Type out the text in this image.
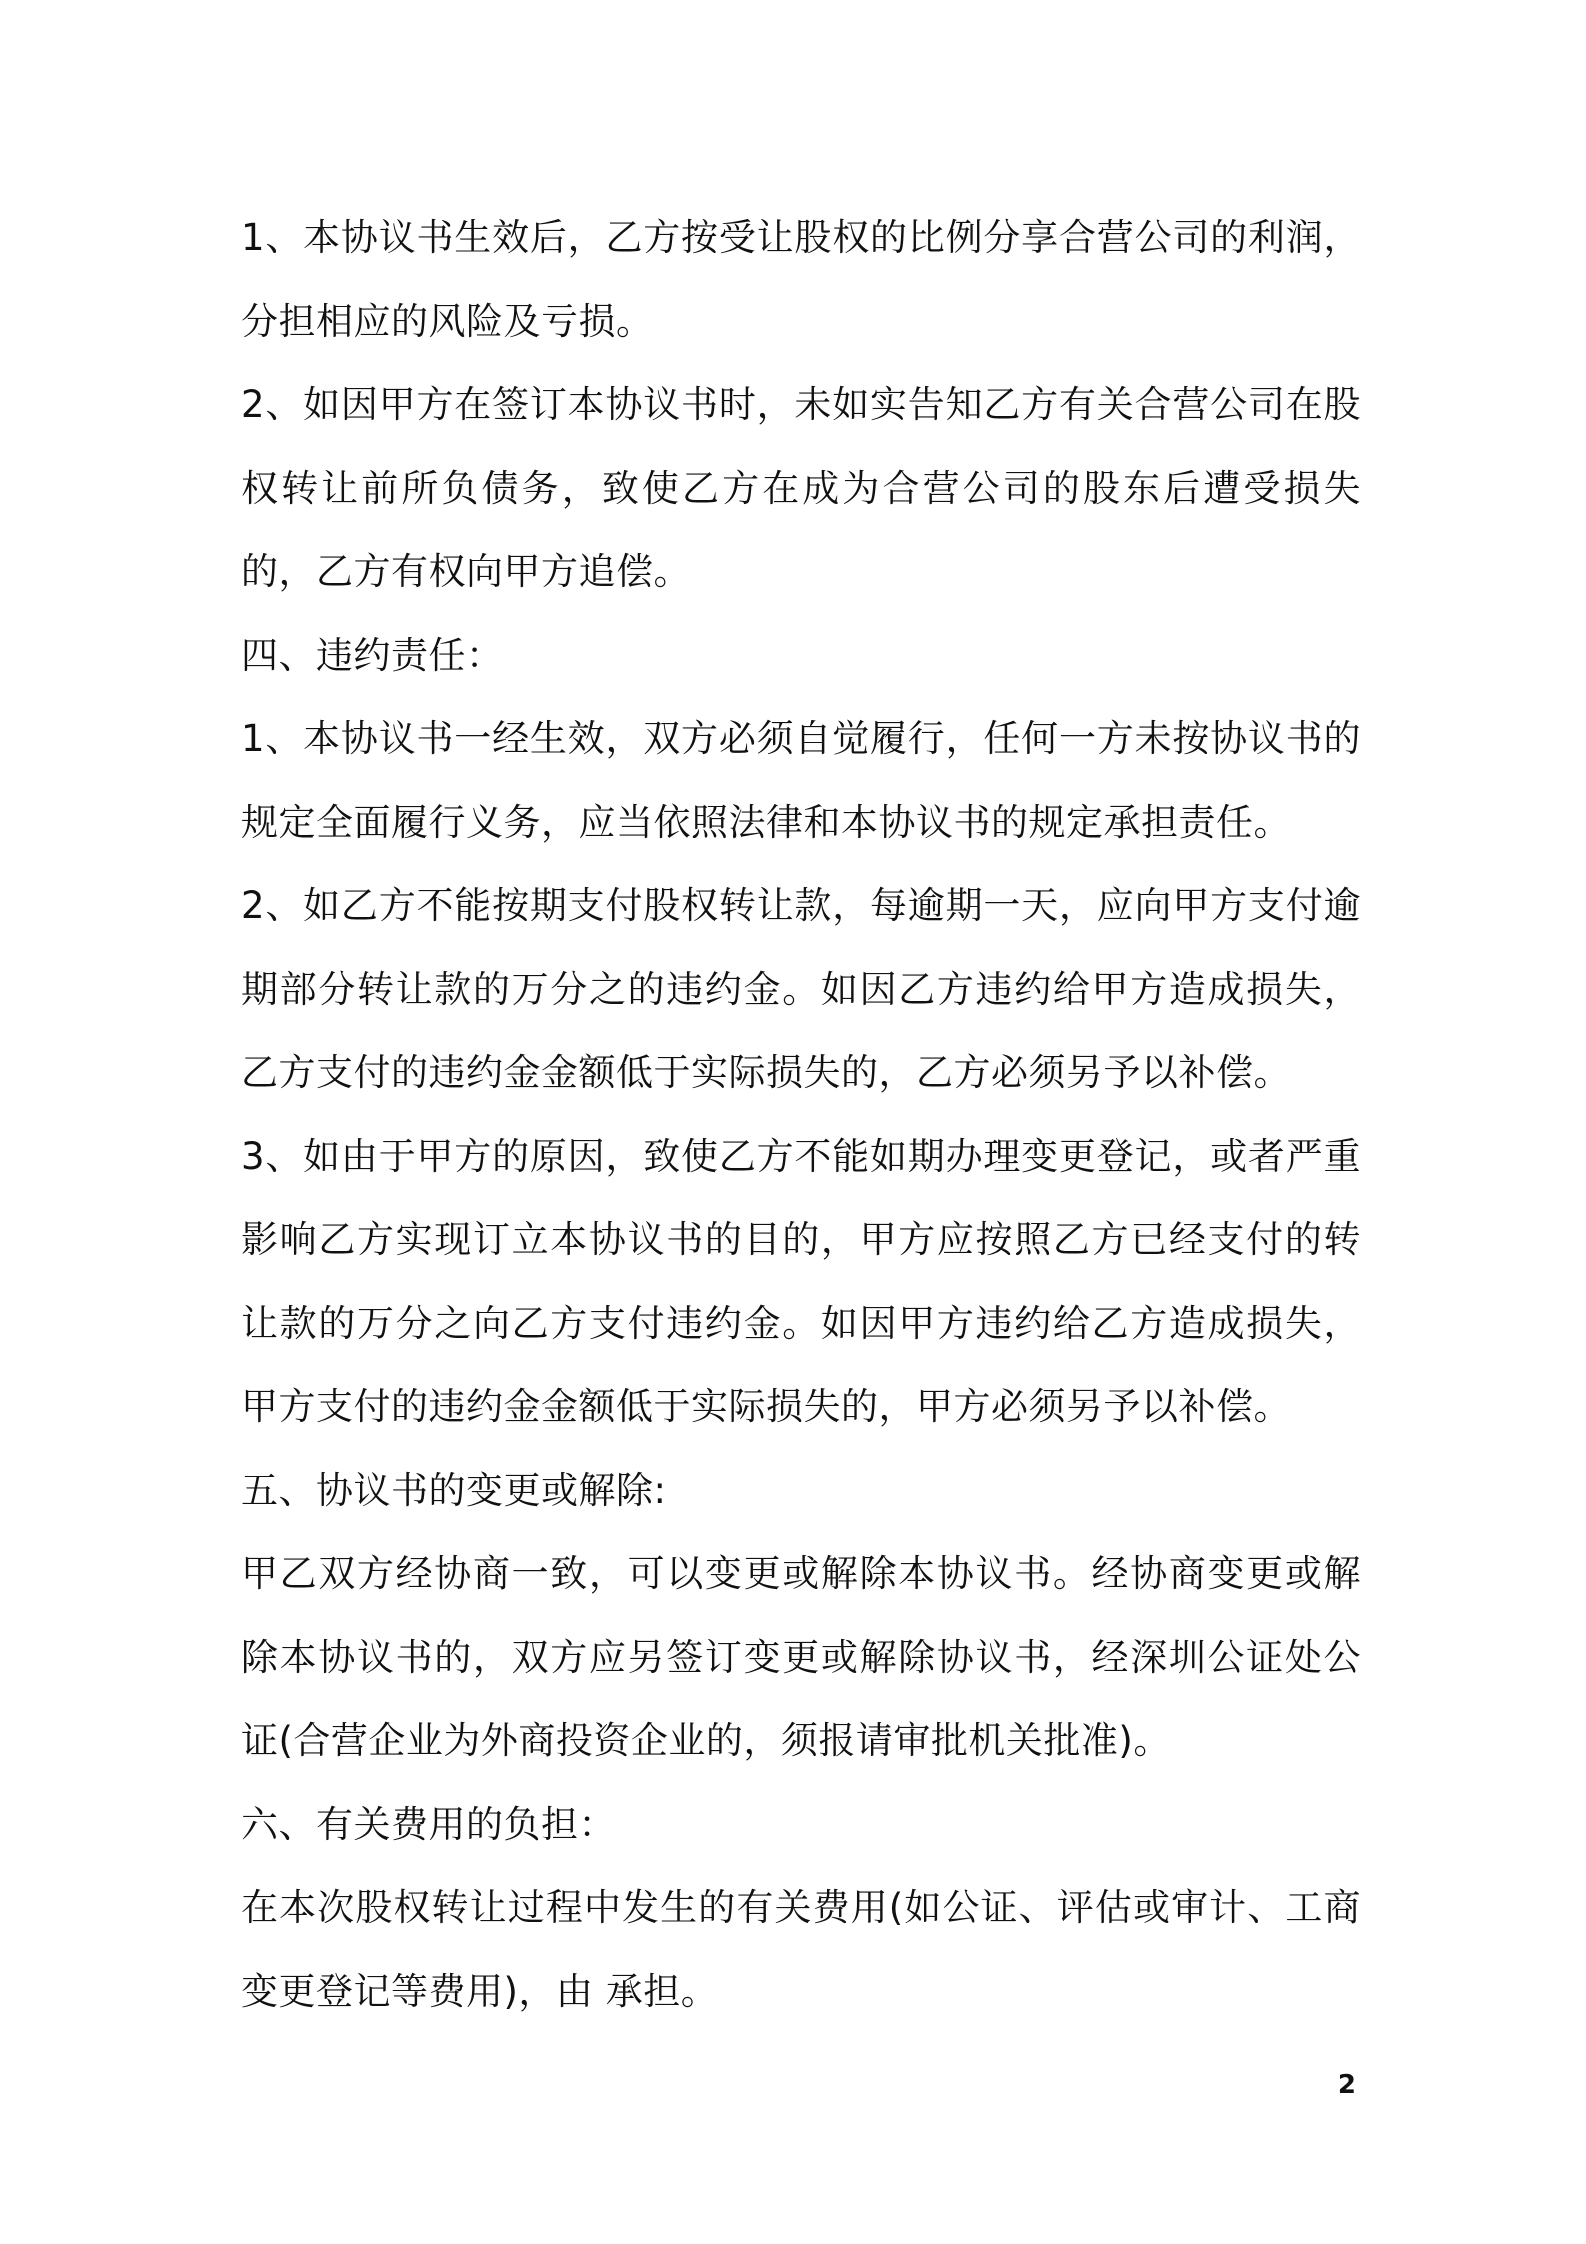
1、本协议书生效后，乙方按受让股权的比例分享合营公司的利润，分担相应的风险及亏损。

2、如因甲方在签订本协议书时，未如实告知乙方有关合营公司在股权转让前所负债务，致使乙方在成为合营公司的股东后遭受损失的，乙方有权向甲方追偿。

四、违约责任：

1、本协议书一经生效，双方必须自觉履行，任何一方未按协议书的规定全面履行义务，应当依照法律和本协议书的规定承担责任。

2、如乙方不能按期支付股权转让款，每逾期一天，应向甲方支付逾期部分转让款的万分之的违约金。如因乙方违约给甲方造成损失，乙方支付的违约金金额低于实际损失的，乙方必须另予以补偿。

3、如由于甲方的原因，致使乙方不能如期办理变更登记，或者严重影响乙方实现订立本协议书的目的，甲方应按照乙方已经支付的转让款的万分之向乙方支付违约金。如因甲方违约给乙方造成损失，甲方支付的违约金金额低于实际损失的，甲方必须另予以补偿。

五、协议书的变更或解除:

甲乙双方经协商一致，可以变更或解除本协议书。经协商变更或解除本协议书的，双方应另签订变更或解除协议书，经深圳公证处公证(合营企业为外商投资企业的，须报请审批机关批准)。

六、有关费用的负担：

在本次股权转让过程中发生的有关费用(如公证、评估或审计、工商变更登记等费用)，由 承担。

2
